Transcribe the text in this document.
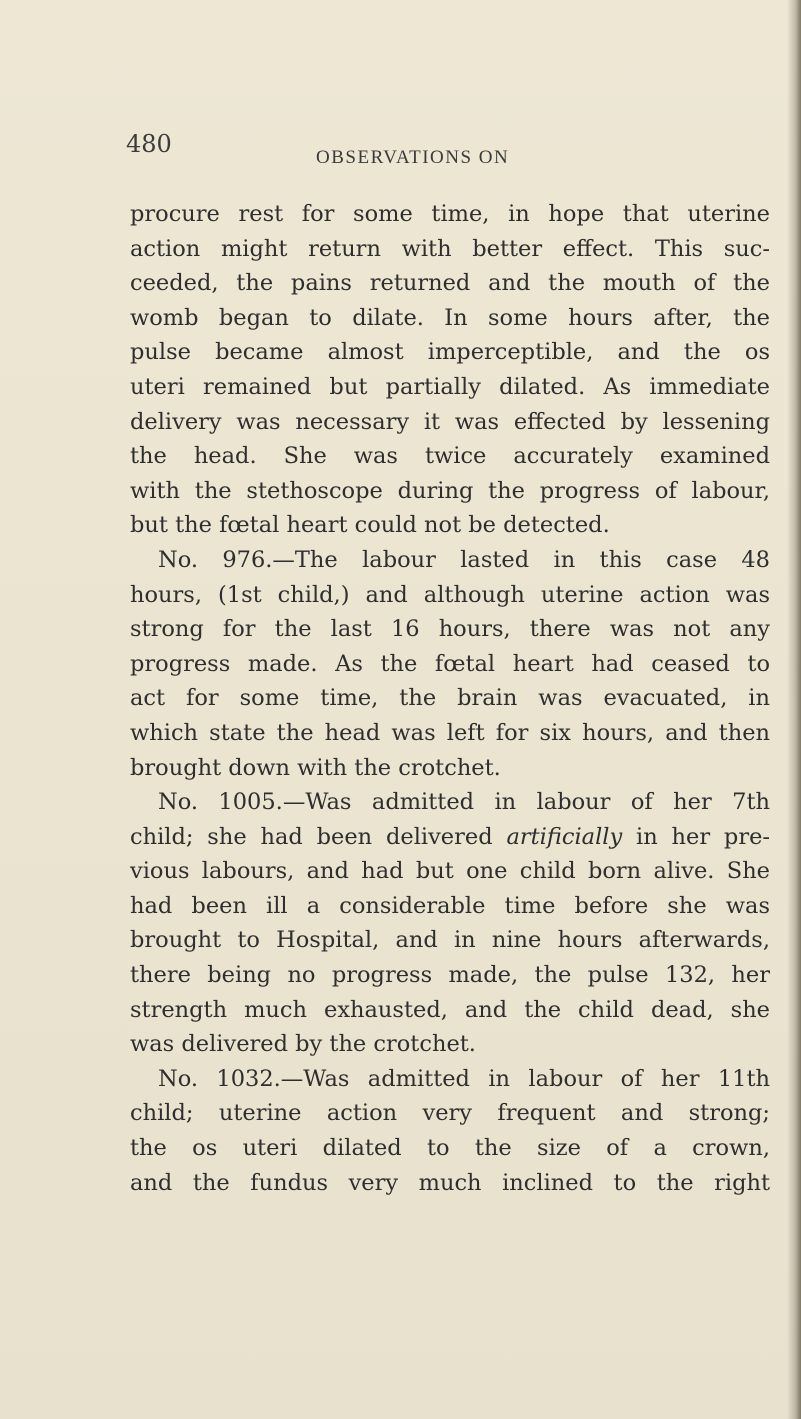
480	OBSERVATIONS ON
procure rest for some time, in hope that uterine
action might return with better effect. This suc-
ceeded, the pains returned and the mouth of the
womb began to dilate. In some hours after, the
pulse became almost imperceptible, and the os
uteri remained but partially dilated. As immediate
delivery was necessary it was effected by lessening
the head. She was twice accurately examined
with the stethoscope during the progress of labour,
but the fœtal heart could not be detected.
No. 976.—The labour lasted in this case 48
hours, (1st child,) and although uterine action was
strong for the last 16 hours, there was not any
progress made. As the fœtal heart had ceased to
act for some time, the brain was evacuated, in
which state the head was left for six hours, and then
brought down with the crotchet.
No. 1005.—Was admitted in labour of her 7th
child; she had been delivered artificially in her pre-
vious labours, and had but one child born alive. She
had been ill a considerable time before she was
brought to Hospital, and in nine hours afterwards,
there being no progress made, the pulse 132, her
strength much exhausted, and the child dead, she
was delivered by the crotchet.
No. 1032.—Was admitted in labour of her 11th
child; uterine action very frequent and strong;
the os uteri dilated to the size of a crown,
and the fundus very much inclined to the right
